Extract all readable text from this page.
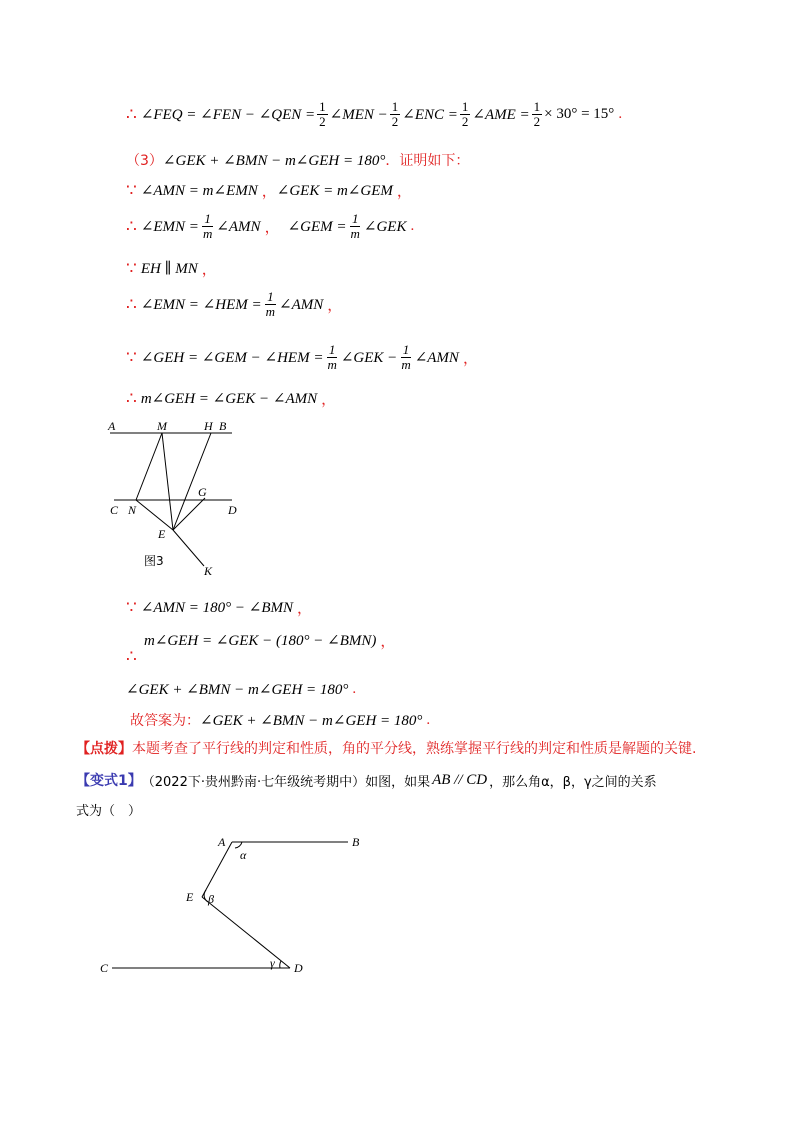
∴ ∠FEQ = ∠FEN − ∠QEN = $\frac{1}{2}$ ∠MEN − $\frac{1}{2}$ ∠ENC = $\frac{1}{2}$ ∠AME = $\frac{1}{2} \times 30^\circ = 15^\circ$ .
（3） ∠GEK + ∠BMN − m∠GEH = 180° ．证明如下：
∵ ∠AMN = m∠EMN ， ∠GEK = m∠GEM ，
∴ ∠EMN = $\frac{1}{m}$ ∠AMN ， ∠GEM = $\frac{1}{m}$ ∠GEK .
∵ EH ∥ MN ，
∴ ∠EMN = ∠HEM = $\frac{1}{m}$ ∠AMN ，
∵ ∠GEH = ∠GEM − ∠HEM = $\frac{1}{m}$ ∠GEK − $\frac{1}{m}$ ∠AMN ，
∴ m∠GEH = ∠GEK − ∠AMN ，
A	M	H B
C N
G
D
E
K
图3
∵ ∠AMN = 180° − ∠BMN ，
m∠GEH = ∠GEK − (180° − ∠BMN) ，
∴
∠GEK + ∠BMN − m∠GEH = 180° .
故答案为： ∠GEK + ∠BMN − m∠GEH = 180° .
【点拨】 本题考查了平行线的判定和性质，角的平分线，熟练掌握平行线的判定和性质是解题的关键.
【变式1】 （2022下·贵州黔南·七年级统考期中）如图，如果 AB // CD ，那么角α，β，γ之间的关系
式为（　）
A	B
α
E β
C	γ D
